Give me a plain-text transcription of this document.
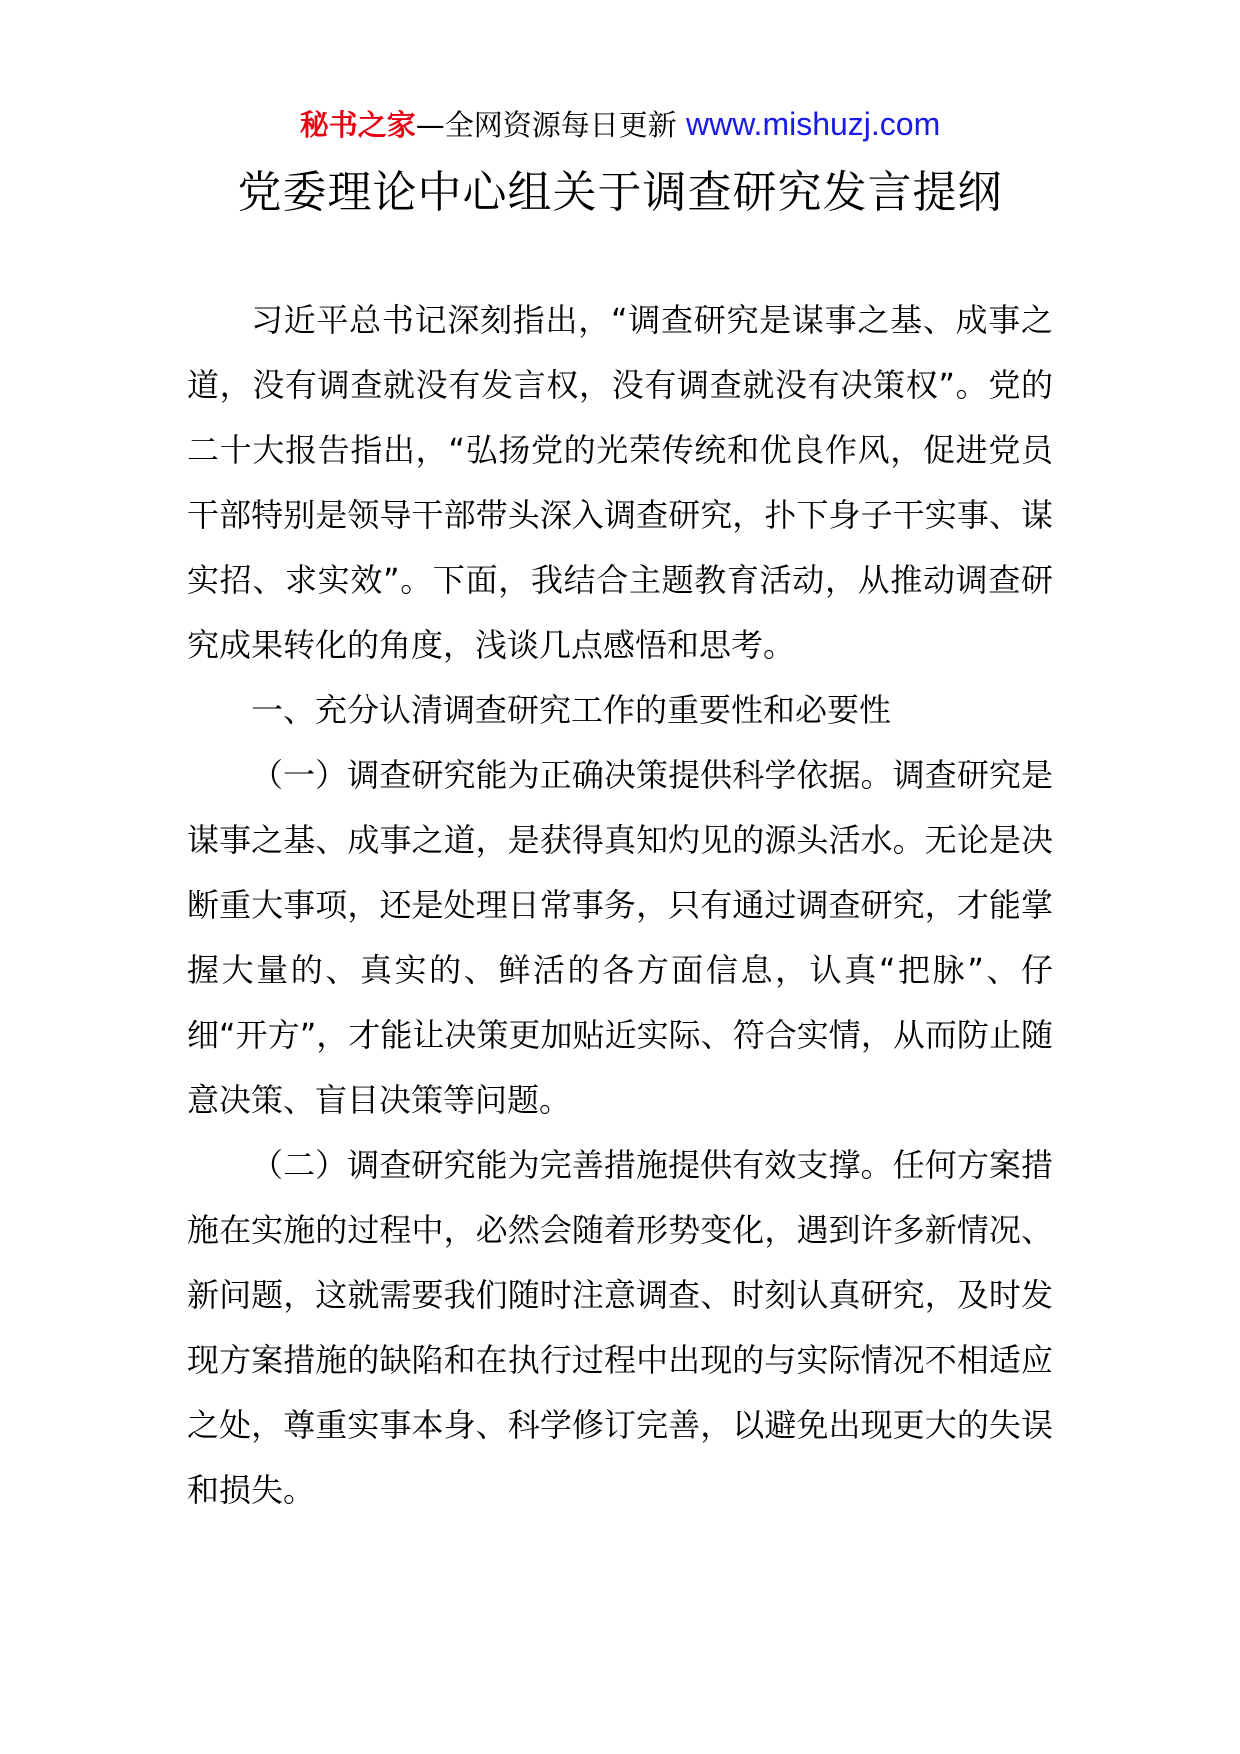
秘书之家—全网资源每日更新 www.mishuzj.com
党委理论中心组关于调查研究发言提纲

习近平总书记深刻指出，“调查研究是谋事之基、成事之道，没有调查就没有发言权，没有调查就没有决策权”。党的二十大报告指出，“弘扬党的光荣传统和优良作风，促进党员干部特别是领导干部带头深入调查研究，扑下身子干实事、谋实招、求实效”。下面，我结合主题教育活动，从推动调查研究成果转化的角度，浅谈几点感悟和思考。

一、充分认清调查研究工作的重要性和必要性

（一）调查研究能为正确决策提供科学依据。调查研究是谋事之基、成事之道，是获得真知灼见的源头活水。无论是决断重大事项，还是处理日常事务，只有通过调查研究，才能掌握大量的、真实的、鲜活的各方面信息，认真“把脉”、仔细“开方”，才能让决策更加贴近实际、符合实情，从而防止随意决策、盲目决策等问题。

（二）调查研究能为完善措施提供有效支撑。任何方案措施在实施的过程中，必然会随着形势变化，遇到许多新情况、新问题，这就需要我们随时注意调查、时刻认真研究，及时发现方案措施的缺陷和在执行过程中出现的与实际情况不相适应之处，尊重实事本身、科学修订完善，以避免出现更大的失误和损失。
